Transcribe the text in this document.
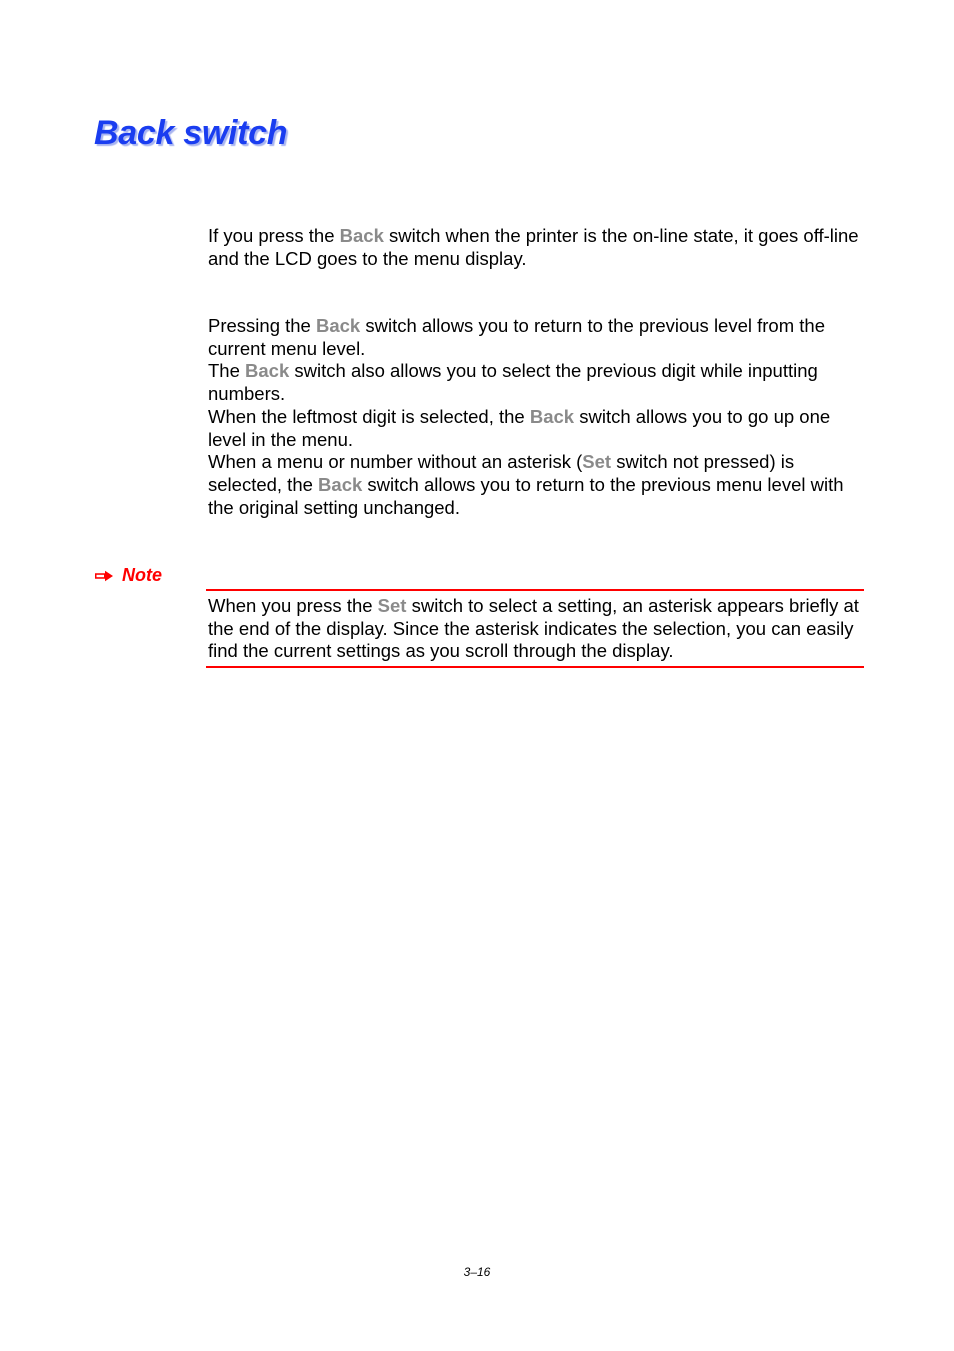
Back switch

If you press the Back switch when the printer is the on-line state, it goes off-line and the LCD goes to the menu display.

Pressing the Back switch allows you to return to the previous level from the current menu level.
The Back switch also allows you to select the previous digit while inputting numbers.
When the leftmost digit is selected, the Back switch allows you to go up one level in the menu.
When a menu or number without an asterisk (Set switch not pressed) is selected, the Back switch allows you to return to the previous menu level with the original setting unchanged.
Note
When you press the Set switch to select a setting, an asterisk appears briefly at the end of the display. Since the asterisk indicates the selection, you can easily find the current settings as you scroll through the display.
3–16
